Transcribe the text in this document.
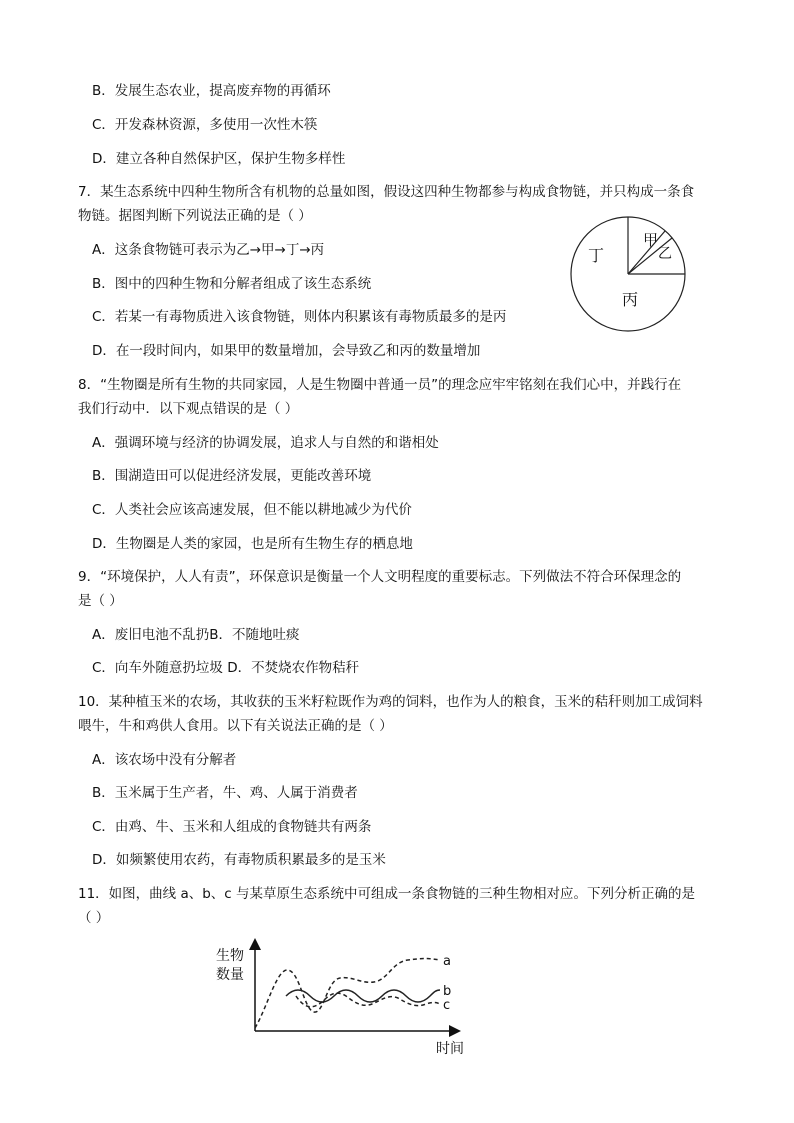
B．发展生态农业，提高废弃物的再循环
C．开发森林资源，多使用一次性木筷
D．建立各种自然保护区，保护生物多样性
7．某生态系统中四种生物所含有机物的总量如图，假设这四种生物都参与构成食物链，并只构成一条食
物链。据图判断下列说法正确的是（ ）
A．这条食物链可表示为乙→甲→丁→丙
B．图中的四种生物和分解者组成了该生态系统
C．若某一有毒物质进入该食物链，则体内积累该有毒物质最多的是丙
D．在一段时间内，如果甲的数量增加，会导致乙和丙的数量增加
甲
乙
丁
丙
8．“生物圈是所有生物的共同家园，人是生物圈中普通一员”的理念应牢牢铭刻在我们心中，并践行在
我们行动中．以下观点错误的是（ ）
A．强调环境与经济的协调发展，追求人与自然的和谐相处
B．围湖造田可以促进经济发展，更能改善环境
C．人类社会应该高速发展，但不能以耕地减少为代价
D．生物圈是人类的家园，也是所有生物生存的栖息地
9．“环境保护，人人有责”，环保意识是衡量一个人文明程度的重要标志。下列做法不符合环保理念的
是（ ）
A．废旧电池不乱扔B．不随地吐痰
C．向车外随意扔垃圾 D．不焚烧农作物秸秆
10．某种植玉米的农场，其收获的玉米籽粒既作为鸡的饲料，也作为人的粮食，玉米的秸秆则加工成饲料
喂牛，牛和鸡供人食用。以下有关说法正确的是（ ）
A．该农场中没有分解者
B．玉米属于生产者，牛、鸡、人属于消费者
C．由鸡、牛、玉米和人组成的食物链共有两条
D．如频繁使用农药，有毒物质积累最多的是玉米
11．如图，曲线 a、b、c 与某草原生态系统中可组成一条食物链的三种生物相对应。下列分析正确的是
（ ）
生物
数量
时间
a
b
c
